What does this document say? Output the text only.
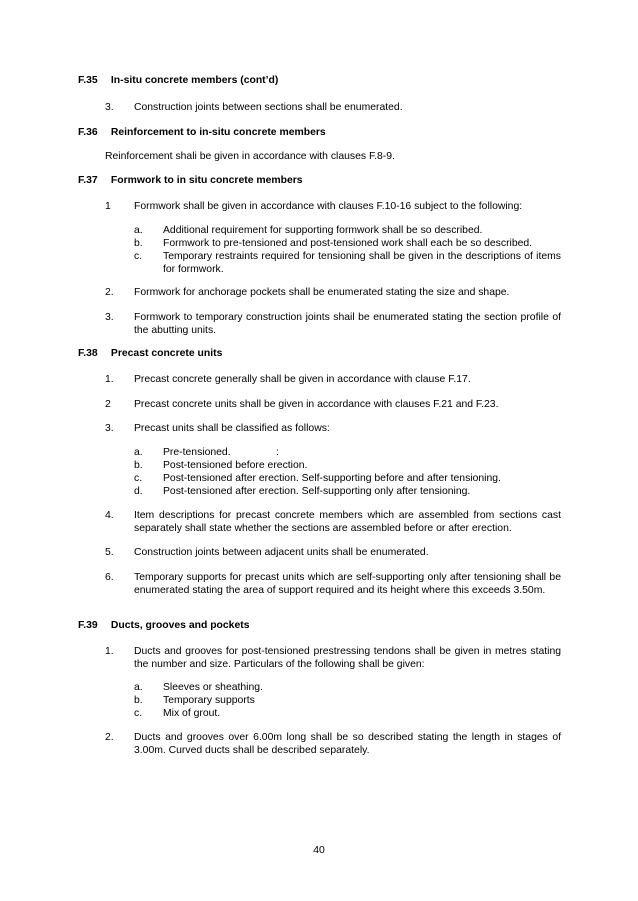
F.35 In-situ concrete members (cont’d)
3. Construction joints between sections shall be enumerated.
F.36 Reinforcement to in-situ concrete members
Reinforcement shali be given in accordance with clauses F.8-9.
F.37 Formwork to in situ concrete members
1 Formwork shall be given in accordance with clauses F.10-16 subject to the following:
a. Additional requirement for supporting formwork shall be so described.
b. Formwork to pre-tensioned and post-tensioned work shall each be so described.
c. Temporary restraints required for tensioning shall be given in the descriptions of items for formwork.
2. Formwork for anchorage pockets shall be enumerated stating the size and shape.
3. Formwork to temporary construction joints shail be enumerated stating the section profile of the abutting units.
F.38 Precast concrete units
1. Precast concrete generally shall be given in accordance with clause F.17.
2 Precast concrete units shall be given in accordance with clauses F.21 and F.23.
3. Precast units shall be classified as follows:
a. Pre-tensioned.	:
b. Post-tensioned before erection.
c. Post-tensioned after erection. Self-supporting before and after tensioning.
d. Post-tensioned after erection. Self-supporting only after tensioning.
4. Item descriptions for precast concrete members which are assembled from sections cast separately shall state whether the sections are assembled before or after erection.
5. Construction joints between adjacent units shall be enumerated.
6. Temporary supports for precast units which are self-supporting only after tensioning shall be enumerated stating the area of support required and its height where this exceeds 3.50m.
F.39 Ducts, grooves and pockets
1. Ducts and grooves for post-tensioned prestressing tendons shall be given in metres stating the number and size. Particulars of the following shall be given:
a. Sleeves or sheathing.
b. Temporary supports
c. Mix of grout.
2. Ducts and grooves over 6.00m long shall be so described stating the length in stages of 3.00m. Curved ducts shall be described separately.
40
